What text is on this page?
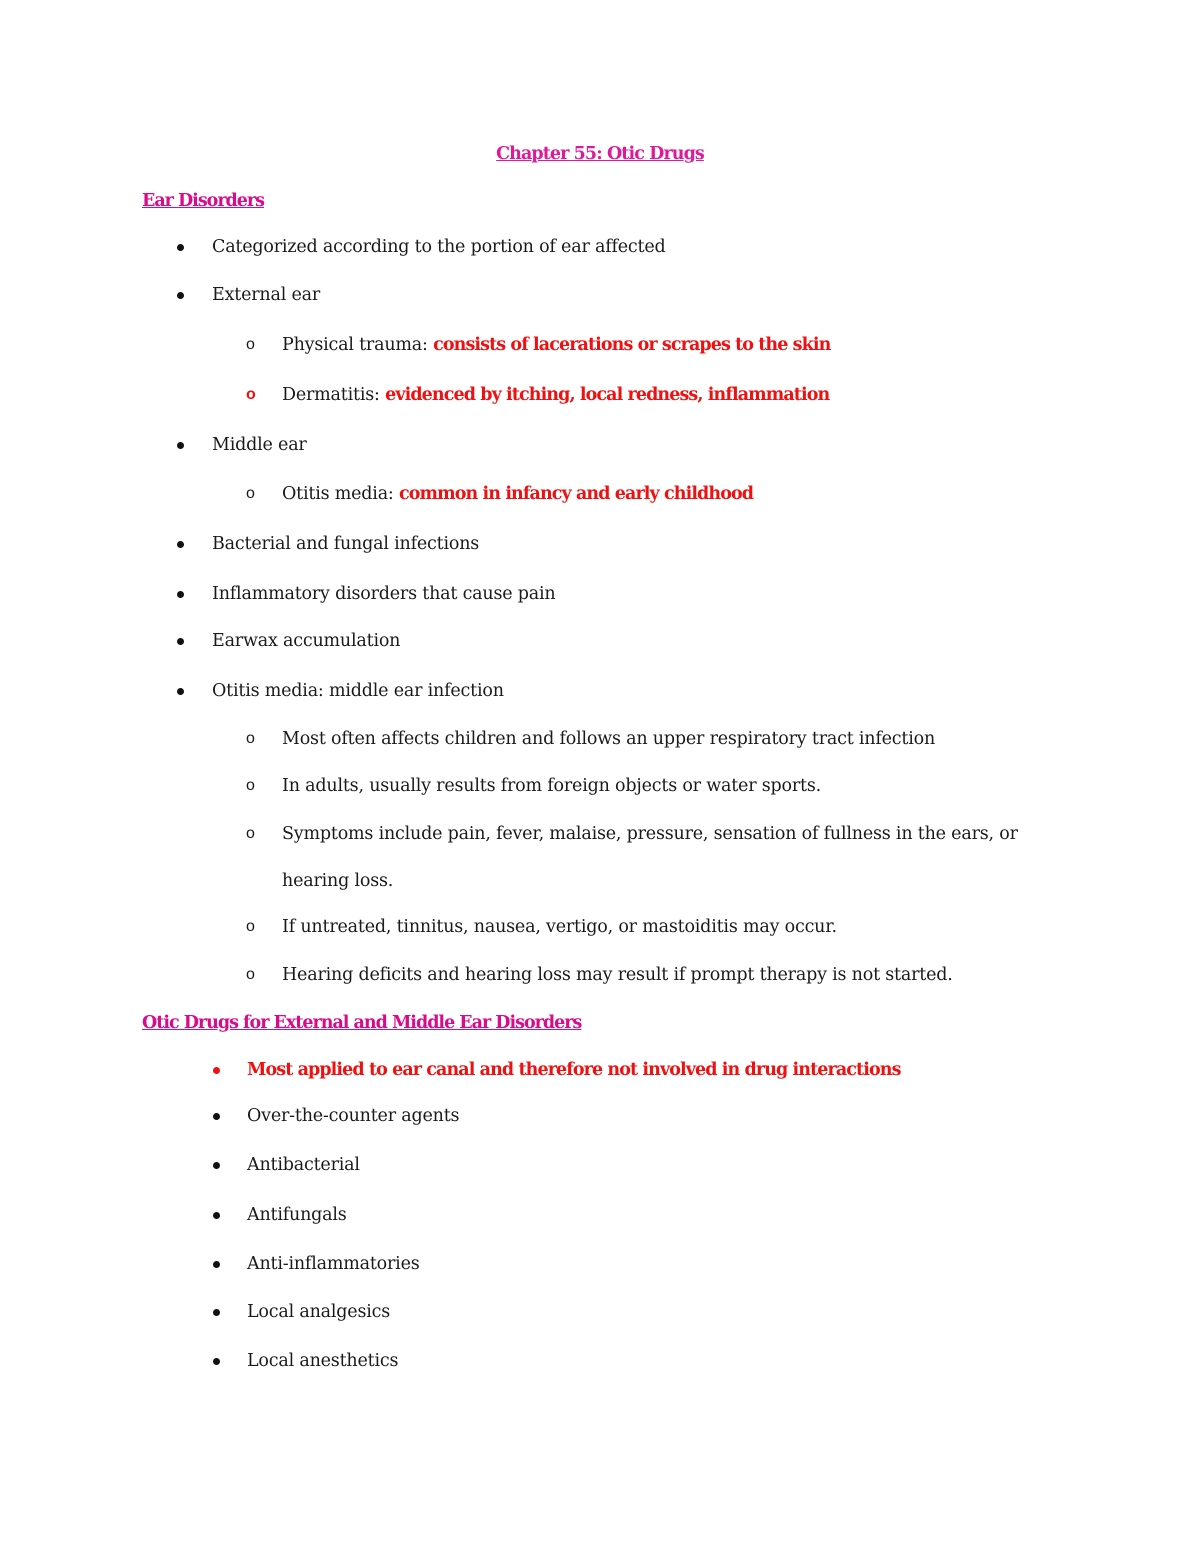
Chapter 55: Otic Drugs
Ear Disorders
Categorized according to the portion of ear affected
External ear
o Physical trauma: consists of lacerations or scrapes to the skin
o Dermatitis: evidenced by itching, local redness, inflammation
Middle ear
o Otitis media: common in infancy and early childhood
Bacterial and fungal infections
Inflammatory disorders that cause pain
Earwax accumulation
Otitis media: middle ear infection
o Most often affects children and follows an upper respiratory tract infection
o In adults, usually results from foreign objects or water sports.
o Symptoms include pain, fever, malaise, pressure, sensation of fullness in the ears, or
hearing loss.
o If untreated, tinnitus, nausea, vertigo, or mastoiditis may occur.
o Hearing deficits and hearing loss may result if prompt therapy is not started.
Otic Drugs for External and Middle Ear Disorders
Most applied to ear canal and therefore not involved in drug interactions
Over-the-counter agents
Antibacterial
Antifungals
Anti-inflammatories
Local analgesics
Local anesthetics
